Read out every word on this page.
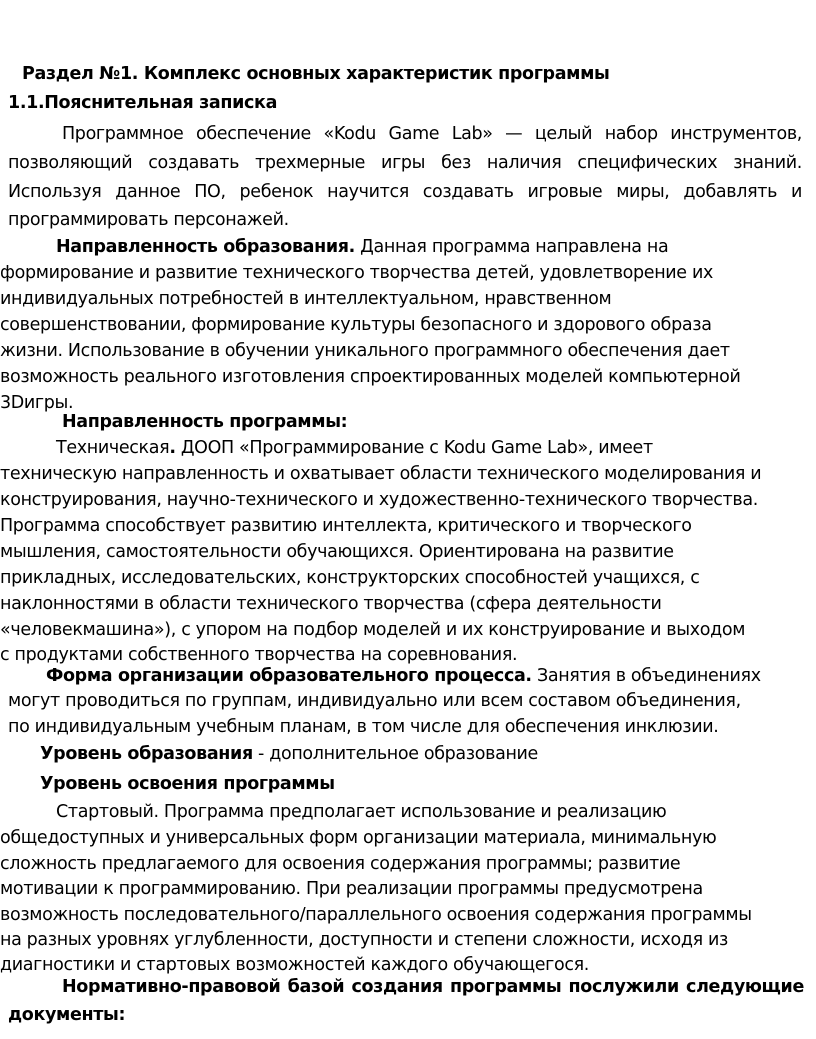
Раздел №1. Комплекс основных характеристик программы
1.1.Пояснительная записка
Программное обеспечение «Kodu Game Lab» — целый набор инструментов,
позволяющий создавать трехмерные игры без наличия специфических знаний.
Используя данное ПО, ребенок научится создавать игровые миры, добавлять и
программировать персонажей.
Направленность образования. Данная программа направлена на
формирование и развитие технического творчества детей, удовлетворение их
индивидуальных потребностей в интеллектуальном, нравственном
совершенствовании, формирование культуры безопасного и здорового образа
жизни. Использование в обучении уникального программного обеспечения дает
возможность реального изготовления спроектированных моделей компьютерной
3Dигры.
Направленность программы:
Техническая. ДООП «Программирование с Kodu Game Lab», имеет
техническую направленность и охватывает области технического моделирования и
конструирования, научно-технического и художественно-технического творчества.
Программа способствует развитию интеллекта, критического и творческого
мышления, самостоятельности обучающихся. Ориентирована на развитие
прикладных, исследовательских, конструкторских способностей учащихся, с
наклонностями в области технического творчества (сфера деятельности
«человекмашина»), с упором на подбор моделей и их конструирование и выходом
с продуктами собственного творчества на соревнования.
Форма организации образовательного процесса. Занятия в объединениях
могут проводиться по группам, индивидуально или всем составом объединения,
по индивидуальным учебным планам, в том числе для обеспечения инклюзии.
Уровень образования - дополнительное образование
Уровень освоения программы
Стартовый. Программа предполагает использование и реализацию
общедоступных и универсальных форм организации материала, минимальную
сложность предлагаемого для освоения содержания программы; развитие
мотивации к программированию. При реализации программы предусмотрена
возможность последовательного/параллельного освоения содержания программы
на разных уровнях углубленности, доступности и степени сложности, исходя из
диагностики и стартовых возможностей каждого обучающегося.
Нормативно-правовой базой создания программы послужили следующие
документы:
